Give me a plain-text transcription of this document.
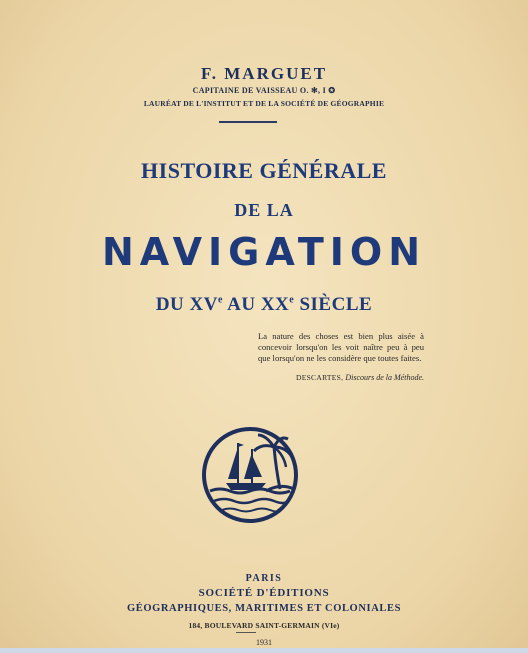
F. MARGUET
CAPITAINE DE VAISSEAU O. ✻, I ✪
LAURÉAT DE L'INSTITUT ET DE LA SOCIÉTÉ DE GÉOGRAPHIE
HISTOIRE GÉNÉRALE
DE LA
NAVIGATION
DU XVe AU XXe SIÈCLE
La nature des choses est bien plus aisée à concevoir lorsqu'on les voit naître peu à peu que lorsqu'on ne les considère que toutes faites.
DESCARTES, Discours de la Méthode.
PARIS
SOCIÉTÉ D'ÉDITIONS
GÉOGRAPHIQUES, MARITIMES ET COLONIALES
184, BOULEVARD SAINT-GERMAIN (VIe)
1931
